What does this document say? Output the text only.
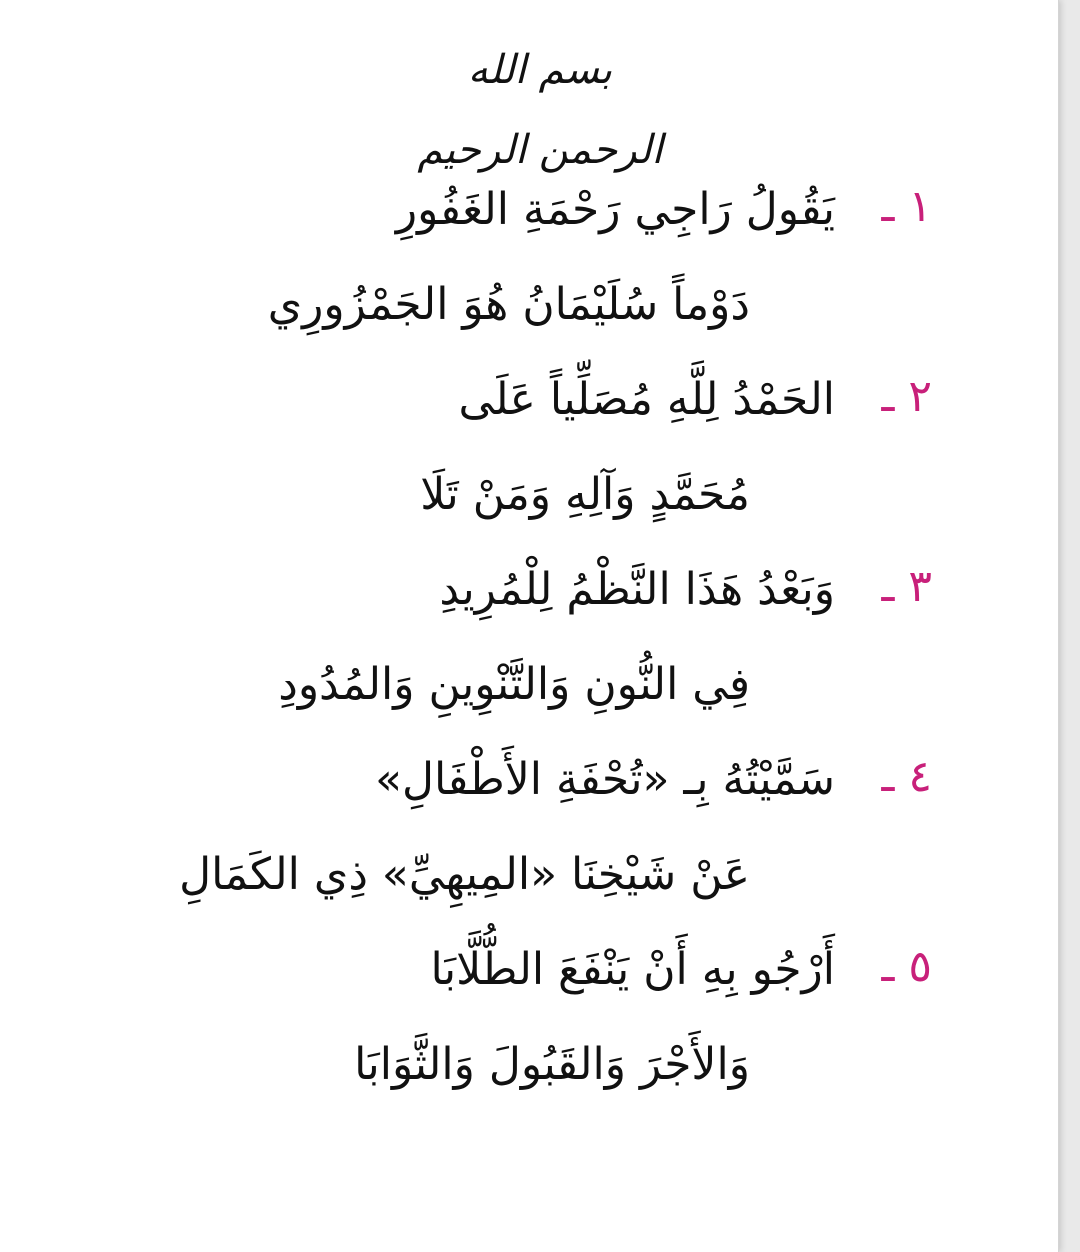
بسم الله الرحمن الرحيم
١ ـ
يَقُولُ رَاجِي رَحْمَةِ الغَفُورِ
دَوْماً سُلَيْمَانُ هُوَ الجَمْزُورِي
٢ ـ
الحَمْدُ لِلَّهِ مُصَلِّياً عَلَى
مُحَمَّدٍ وَآلِهِ وَمَنْ تَلَا
٣ ـ
وَبَعْدُ هَذَا النَّظْمُ لِلْمُرِيدِ
فِي النُّونِ وَالتَّنْوِينِ وَالمُدُودِ
٤ ـ
سَمَّيْتُهُ بِـ «تُحْفَةِ الأَطْفَالِ»
عَنْ شَيْخِنَا «المِيهِيِّ» ذِي الكَمَالِ
٥ ـ
أَرْجُو بِهِ أَنْ يَنْفَعَ الطُّلَّابَا
وَالأَجْرَ وَالقَبُولَ وَالثَّوَابَا
